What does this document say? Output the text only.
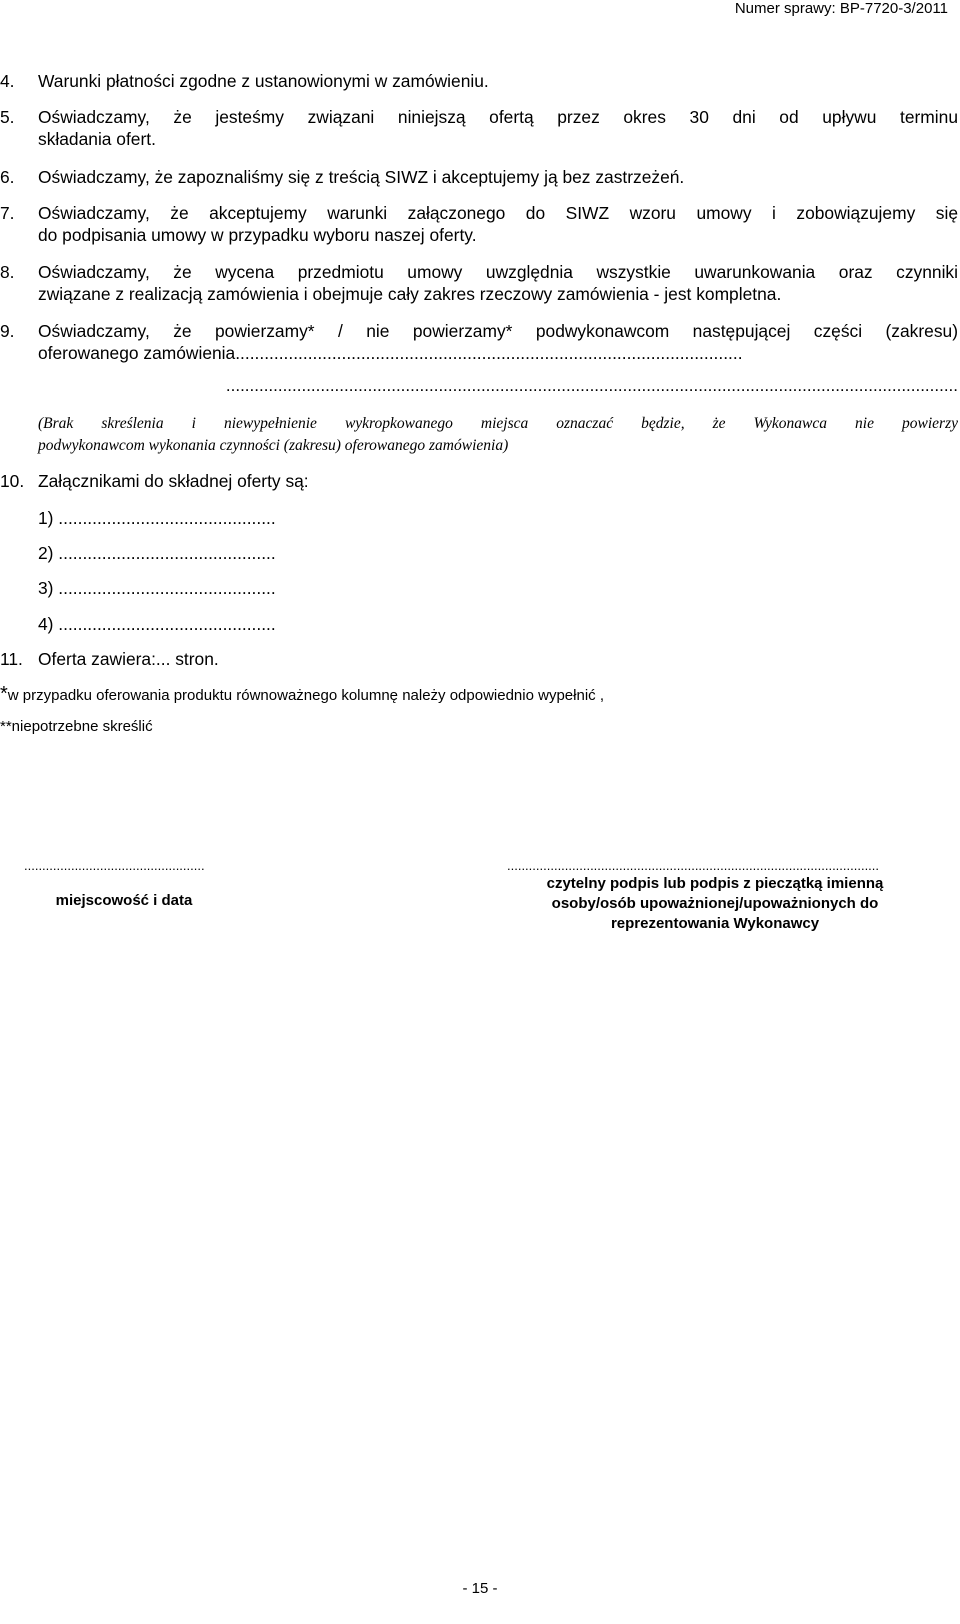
Numer sprawy: BP-7720-3/2011
4. Warunki płatności zgodne z ustanowionymi w zamówieniu.
5. Oświadczamy, że jesteśmy związani niniejszą ofertą przez okres 30 dni od upływu terminu
składania ofert.
6. Oświadczamy, że zapoznaliśmy się z treścią SIWZ i akceptujemy ją bez zastrzeżeń.
7. Oświadczamy, że akceptujemy warunki załączonego do SIWZ wzoru umowy i zobowiązujemy się
do podpisania umowy w przypadku wyboru naszej oferty.
8. Oświadczamy, że wycena przedmiotu umowy uwzględnia wszystkie uwarunkowania oraz czynniki
związane z realizacją zamówienia i obejmuje cały zakres rzeczowy zamówienia - jest kompletna.
9. Oświadczamy, że powierzamy* / nie powierzamy* podwykonawcom następującej części (zakresu)
oferowanego zamówienia.........................................................................................................
...........................................................................................................................................................
(Brak skreślenia i niewypełnienie wykropkowanego miejsca oznaczać będzie, że Wykonawca nie powierzy
podwykonawcom wykonania czynności (zakresu) oferowanego zamówienia)
10. Załącznikami do składnej oferty są:
1) .............................................
2) .............................................
3) .............................................
4) .............................................
11. Oferta zawiera:... stron.
*w przypadku oferowania produktu równoważnego kolumnę należy odpowiednio wypełnić ,
**niepotrzebne skreślić
..................................................
miejscowość i data
.......................................................................................................
czytelny podpis lub podpis z pieczątką imienną
osoby/osób upoważnionej/upoważnionych do
reprezentowania Wykonawcy
- 15 -
